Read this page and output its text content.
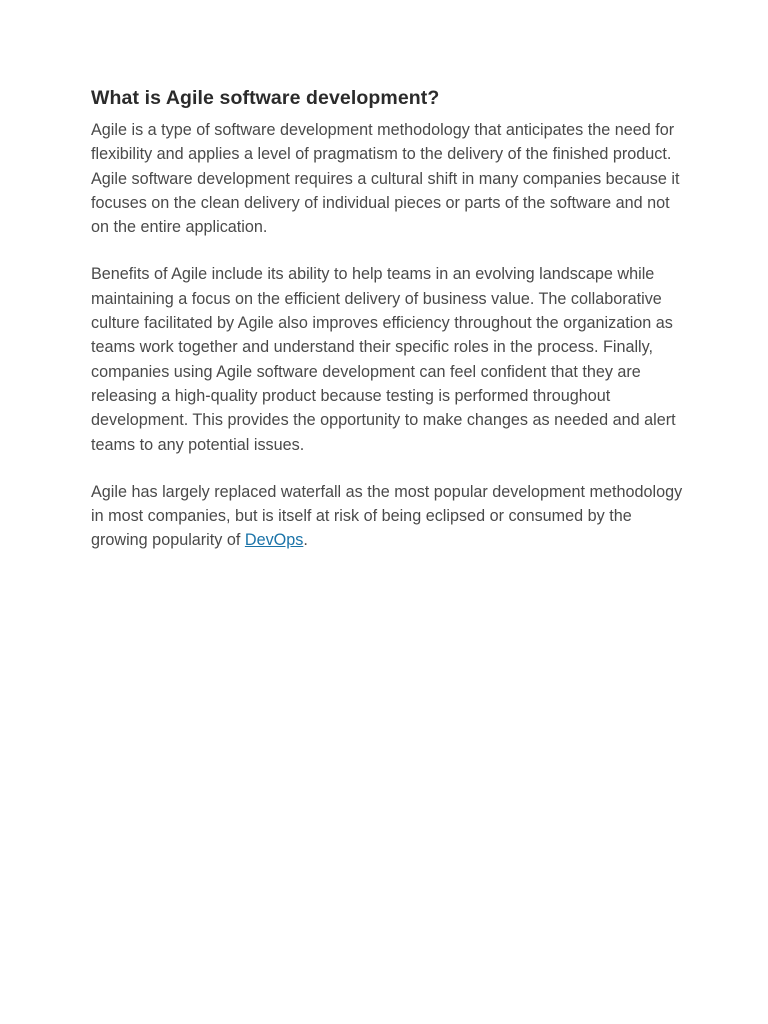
What is Agile software development?

Agile is a type of software development methodology that anticipates the need for flexibility and applies a level of pragmatism to the delivery of the finished product. Agile software development requires a cultural shift in many companies because it focuses on the clean delivery of individual pieces or parts of the software and not on the entire application.

Benefits of Agile include its ability to help teams in an evolving landscape while maintaining a focus on the efficient delivery of business value. The collaborative culture facilitated by Agile also improves efficiency throughout the organization as teams work together and understand their specific roles in the process. Finally, companies using Agile software development can feel confident that they are releasing a high-quality product because testing is performed throughout development. This provides the opportunity to make changes as needed and alert teams to any potential issues.

Agile has largely replaced waterfall as the most popular development methodology in most companies, but is itself at risk of being eclipsed or consumed by the growing popularity of DevOps.
